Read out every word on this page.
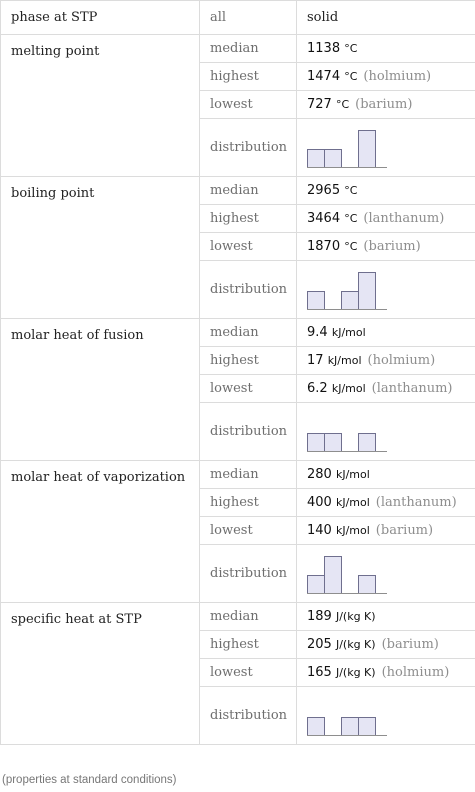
phase at STP	all	solid
melting point	median	1138 °C
	highest	1474 °C (holmium)
	lowest	727 °C (barium)
	distribution	

boiling point	median	2965 °C
	highest	3464 °C (lanthanum)
	lowest	1870 °C (barium)
	distribution	

molar heat of fusion	median	9.4 kJ/mol
	highest	17 kJ/mol (holmium)
	lowest	6.2 kJ/mol (lanthanum)
	distribution	

molar heat of vaporization	median	280 kJ/mol
	highest	400 kJ/mol (lanthanum)
	lowest	140 kJ/mol (barium)
	distribution	

specific heat at STP	median	189 J/(kg K)
	highest	205 J/(kg K) (barium)
	lowest	165 J/(kg K) (holmium)
	distribution	
(properties at standard conditions)
